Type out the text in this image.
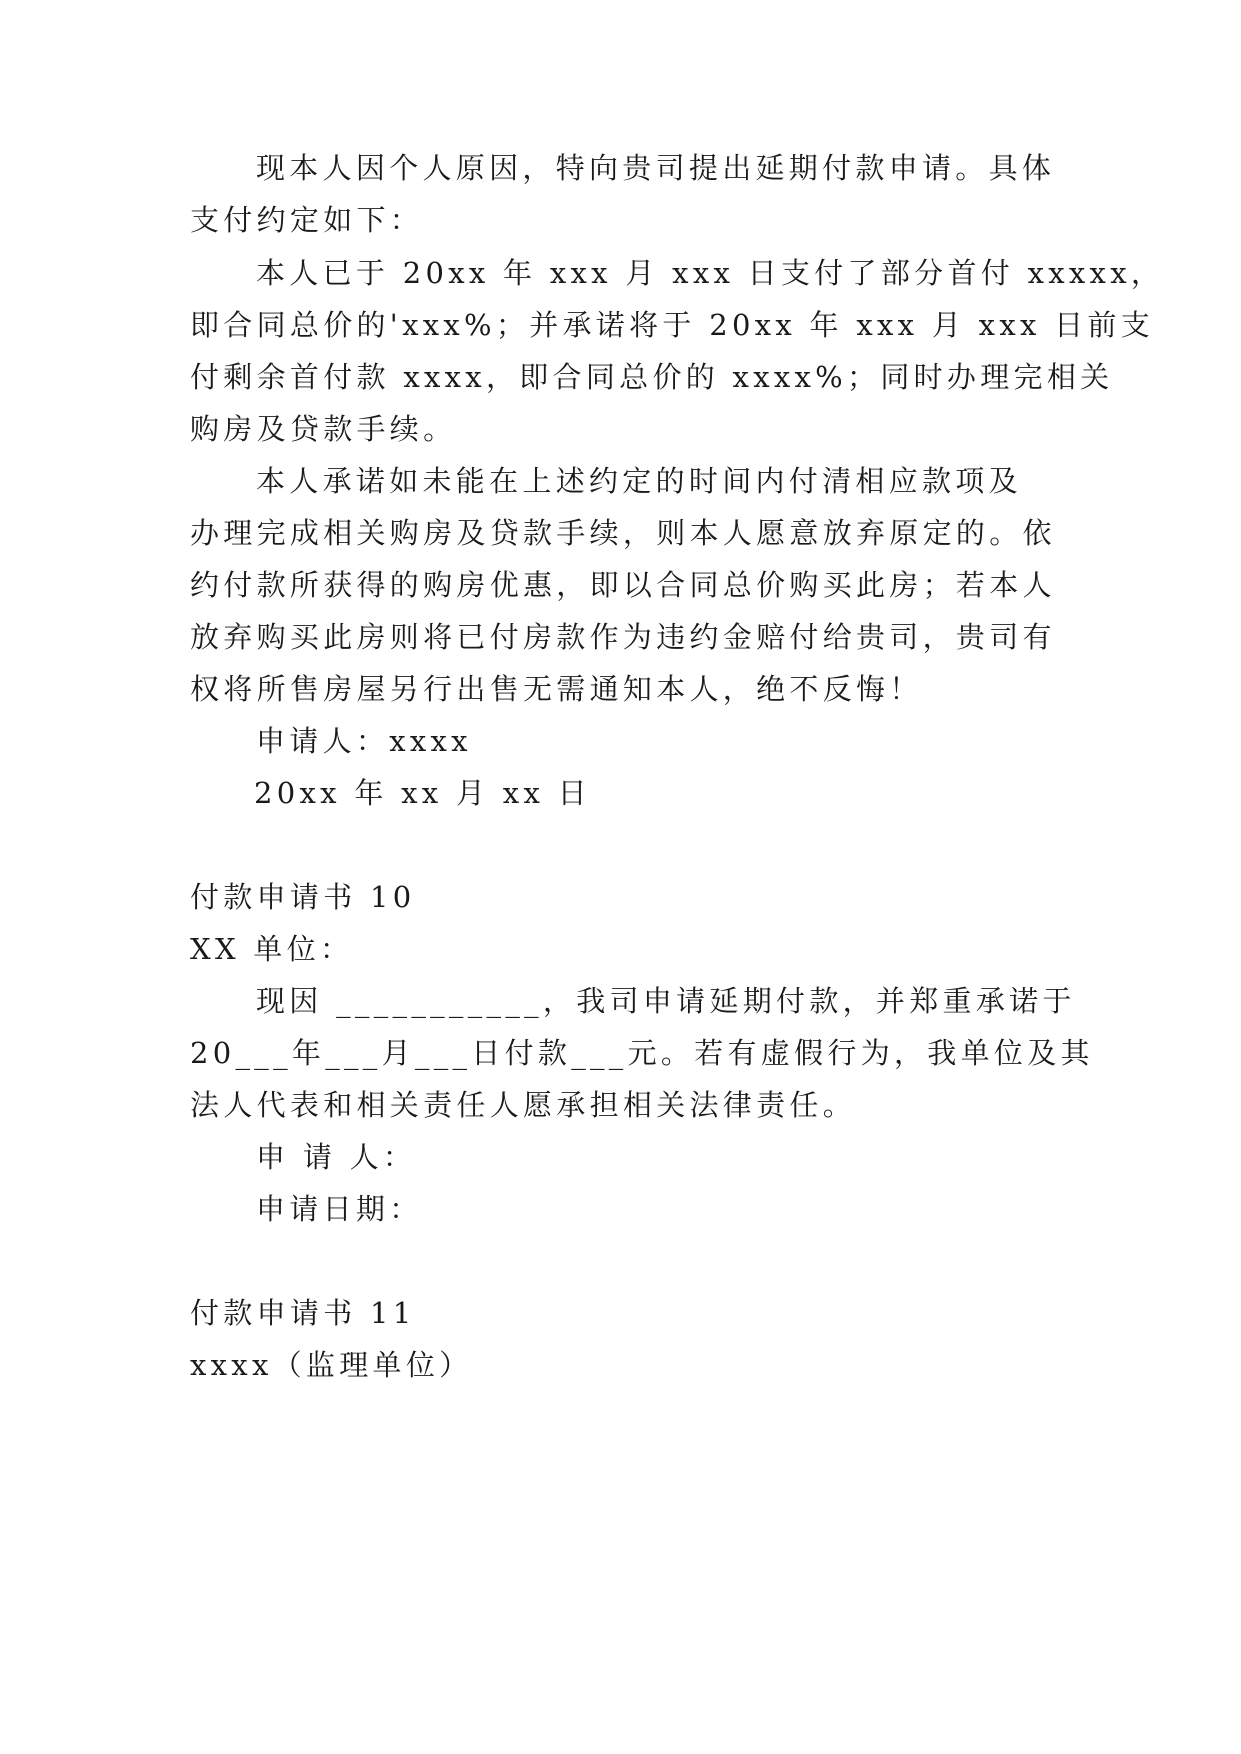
现本人因个人原因，特向贵司提出延期付款申请。具体
支付约定如下：
本人已于 20xx 年 xxx 月 xxx 日支付了部分首付 xxxxx，
即合同总价的'xxx%；并承诺将于 20xx 年 xxx 月 xxx 日前支
付剩余首付款 xxxx，即合同总价的 xxxx%；同时办理完相关
购房及贷款手续。
本人承诺如未能在上述约定的时间内付清相应款项及
办理完成相关购房及贷款手续，则本人愿意放弃原定的。依
约付款所获得的购房优惠，即以合同总价购买此房；若本人
放弃购买此房则将已付房款作为违约金赔付给贵司，贵司有
权将所售房屋另行出售无需通知本人，绝不反悔！
申请人：xxxx
20xx 年 xx 月 xx 日
付款申请书 10
XX 单位：
现因 ___________，我司申请延期付款，并郑重承诺于
20___年___月___日付款___元。若有虚假行为，我单位及其
法人代表和相关责任人愿承担相关法律责任。
申 请 人：
申请日期：
付款申请书 11
xxxx（监理单位）
